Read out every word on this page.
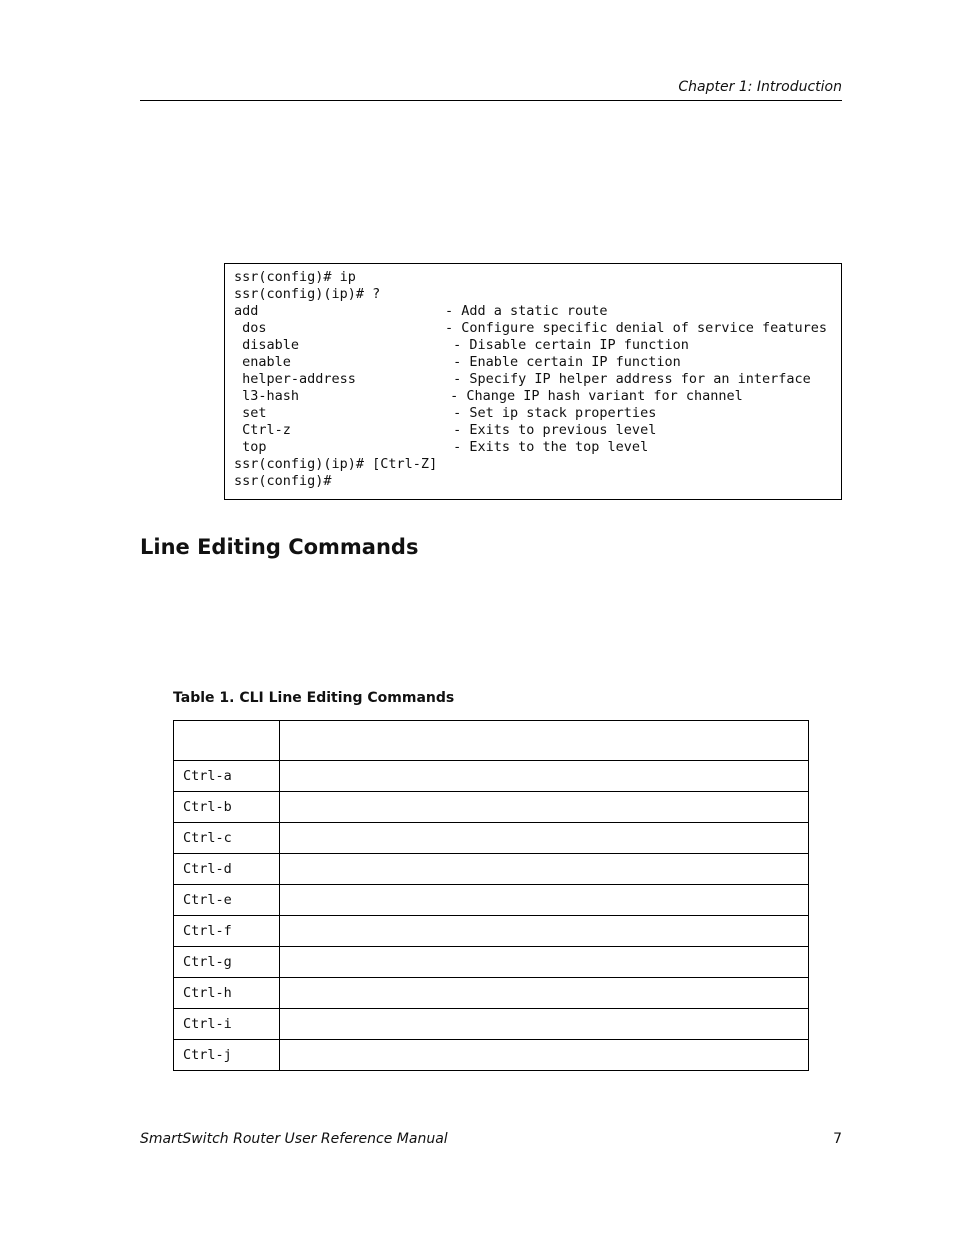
Chapter 1: Introduction
ssr(config)# ip
ssr(config)(ip)# ?
add	- Add a static route
dos	- Configure specific denial of service features
disable	- Disable certain IP function
enable	- Enable certain IP function
helper-address	- Specify IP helper address for an interface
l3-hash	- Change IP hash variant for channel
set	- Set ip stack properties
Ctrl-z	- Exits to previous level
top	- Exits to the top level
ssr(config)(ip)# [Ctrl-Z]
ssr(config)#
Line Editing Commands
Table 1. CLI Line Editing Commands

Ctrl-a	
Ctrl-b	
Ctrl-c	
Ctrl-d	
Ctrl-e	
Ctrl-f	
Ctrl-g	
Ctrl-h	
Ctrl-i	
Ctrl-j	
SmartSwitch Router User Reference Manual	7
